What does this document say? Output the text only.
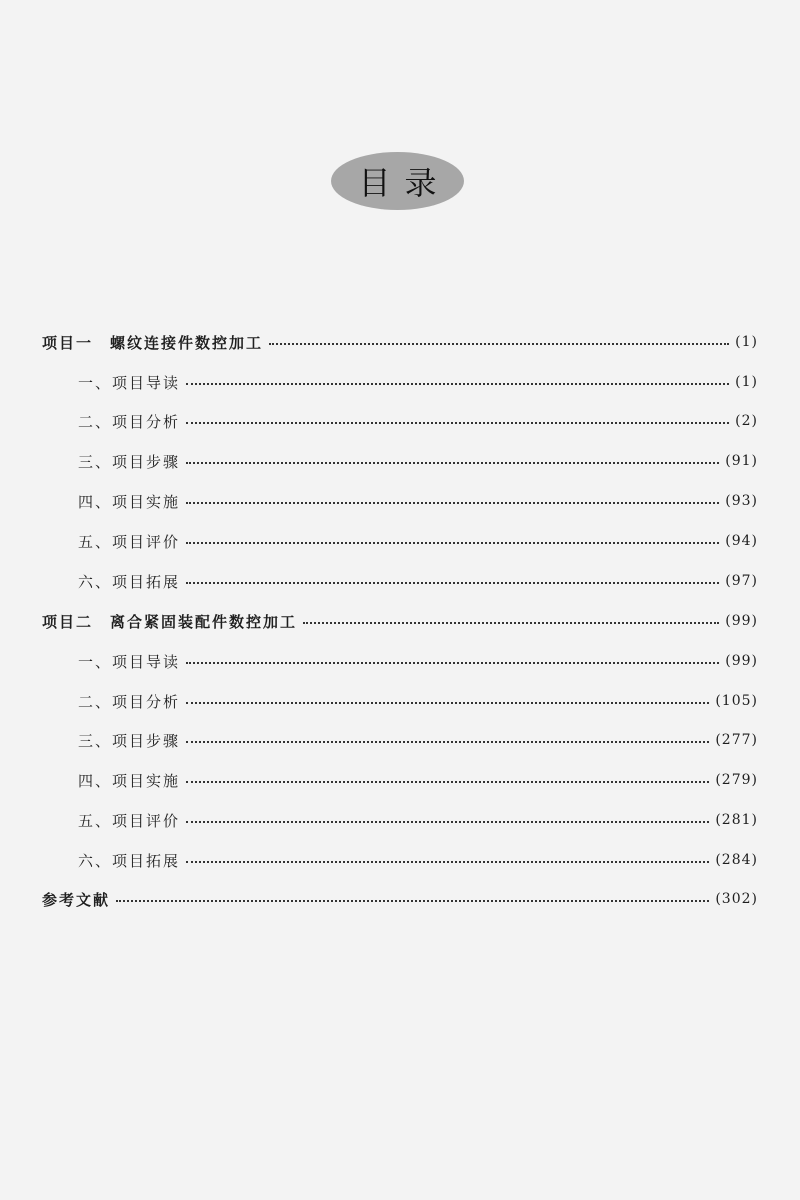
目录
项目一　螺纹连接件数控加工	(1)
一、项目导读	(1)
二、项目分析	(2)
三、项目步骤	(91)
四、项目实施	(93)
五、项目评价	(94)
六、项目拓展	(97)
项目二　离合紧固装配件数控加工	(99)
一、项目导读	(99)
二、项目分析	(105)
三、项目步骤	(277)
四、项目实施	(279)
五、项目评价	(281)
六、项目拓展	(284)
参考文献	(302)
